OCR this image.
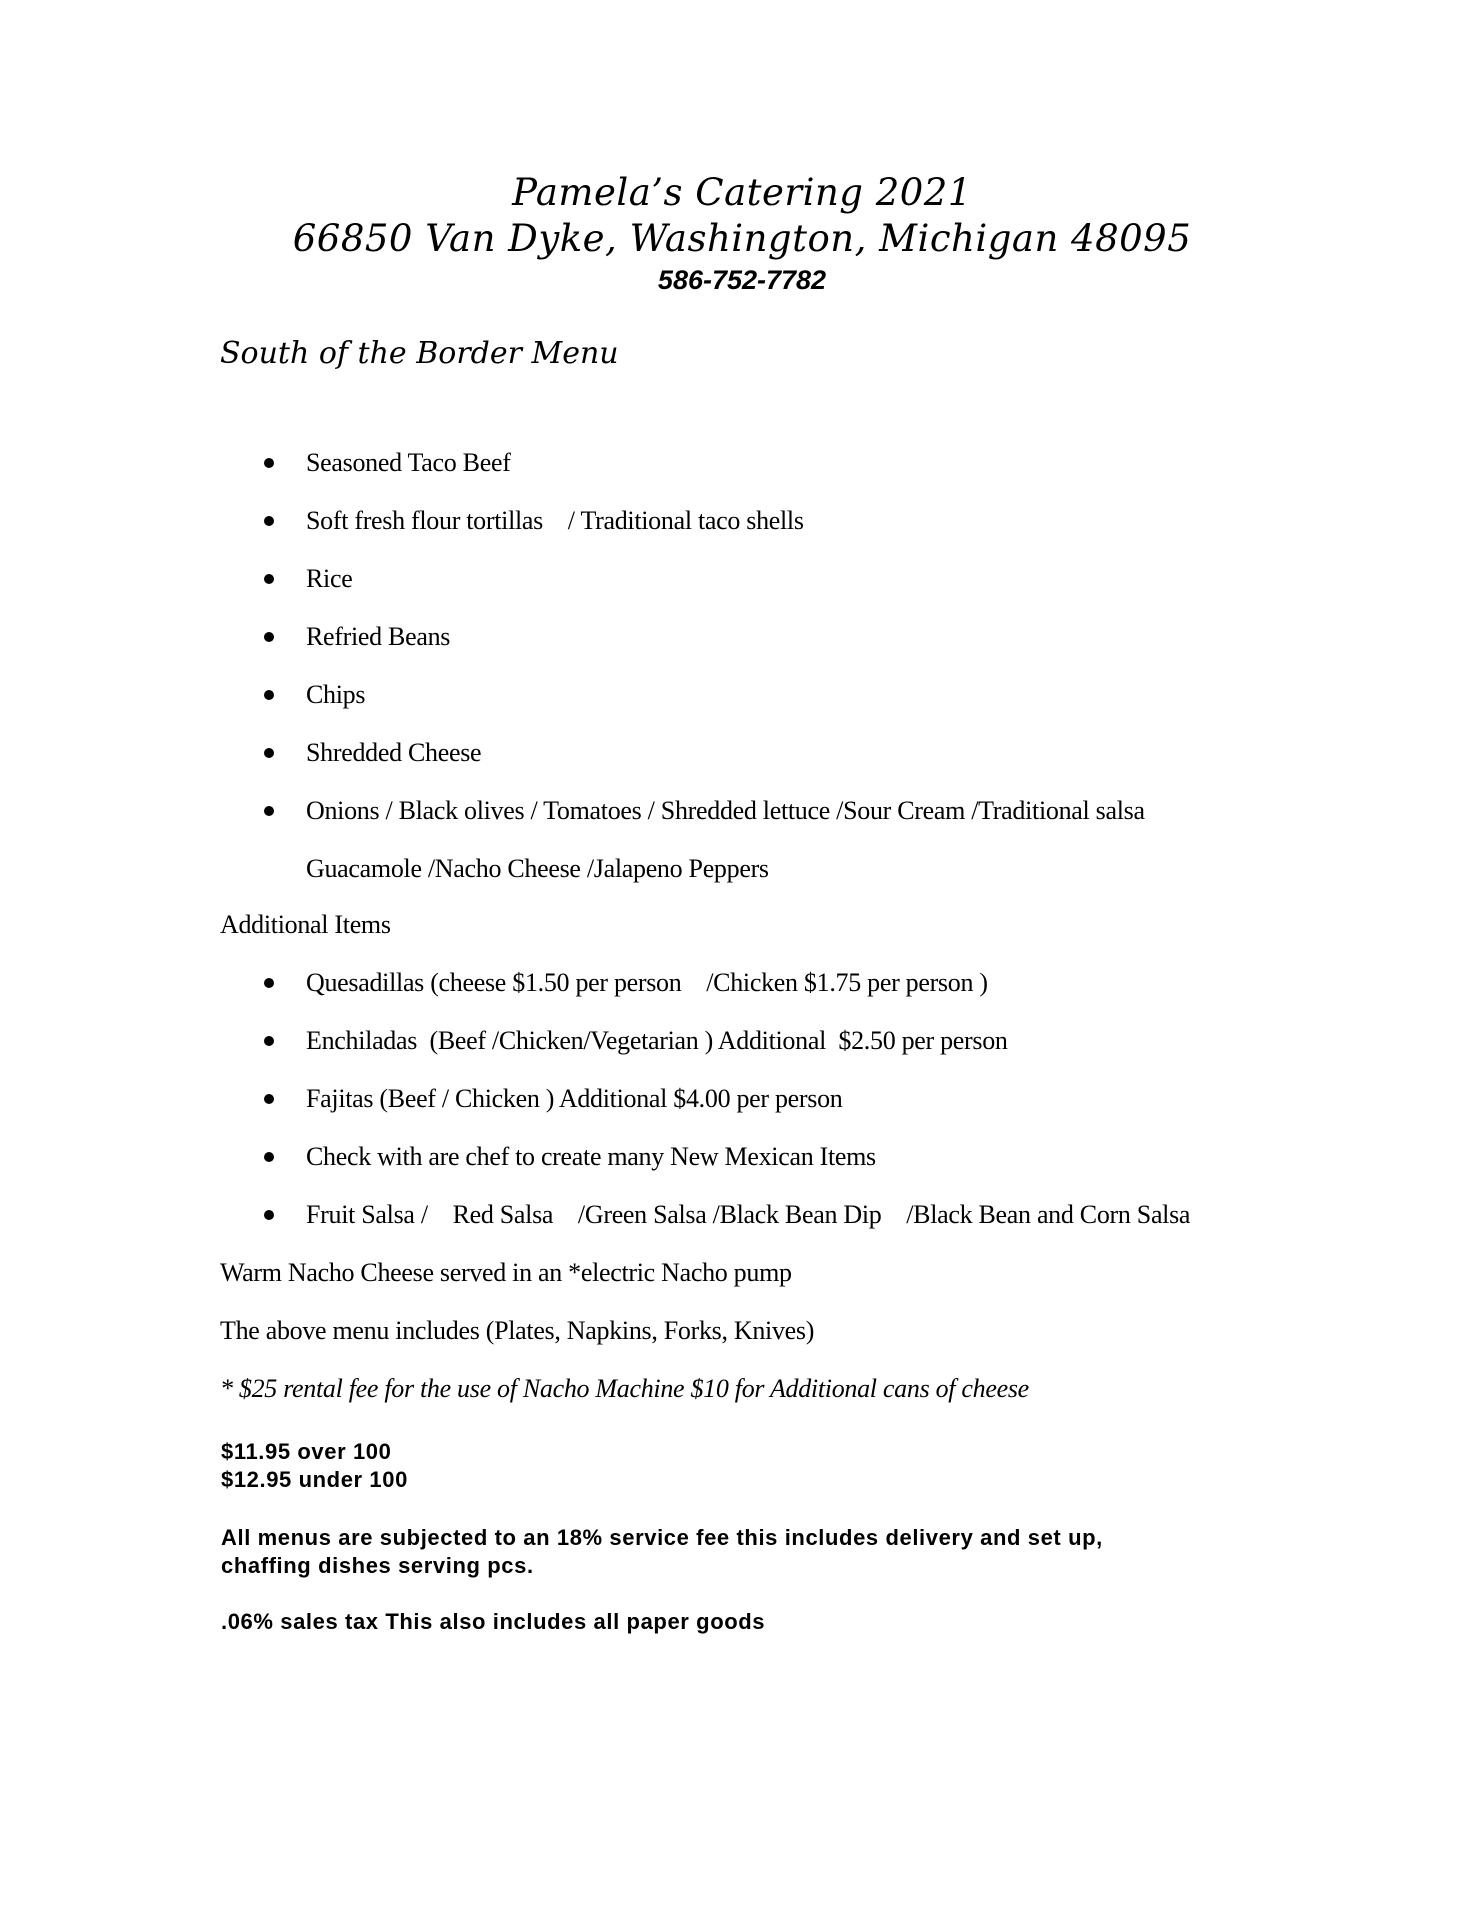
Pamela’s Catering 2021
66850 Van Dyke, Washington, Michigan 48095
586-752-7782
South of the Border Menu
Seasoned Taco Beef
Soft fresh flour tortillas    / Traditional taco shells
Rice
Refried Beans
Chips
Shredded Cheese
Onions / Black olives / Tomatoes / Shredded lettuce /Sour Cream /Traditional salsa
Guacamole /Nacho Cheese /Jalapeno Peppers
Additional Items
Quesadillas (cheese $1.50 per person    /Chicken $1.75 per person )
Enchiladas  (Beef /Chicken/Vegetarian ) Additional  $2.50 per person
Fajitas (Beef / Chicken ) Additional $4.00 per person
Check with are chef to create many New Mexican Items
Fruit Salsa /    Red Salsa    /Green Salsa /Black Bean Dip    /Black Bean and Corn Salsa
Warm Nacho Cheese served in an *electric Nacho pump
The above menu includes (Plates, Napkins, Forks, Knives)
* $25 rental fee for the use of Nacho Machine $10 for Additional cans of cheese
$11.95 over 100
$12.95 under 100
All menus are subjected to an 18% service fee this includes delivery and set up,
chaffing dishes serving pcs.
.06% sales tax This also includes all paper goods
